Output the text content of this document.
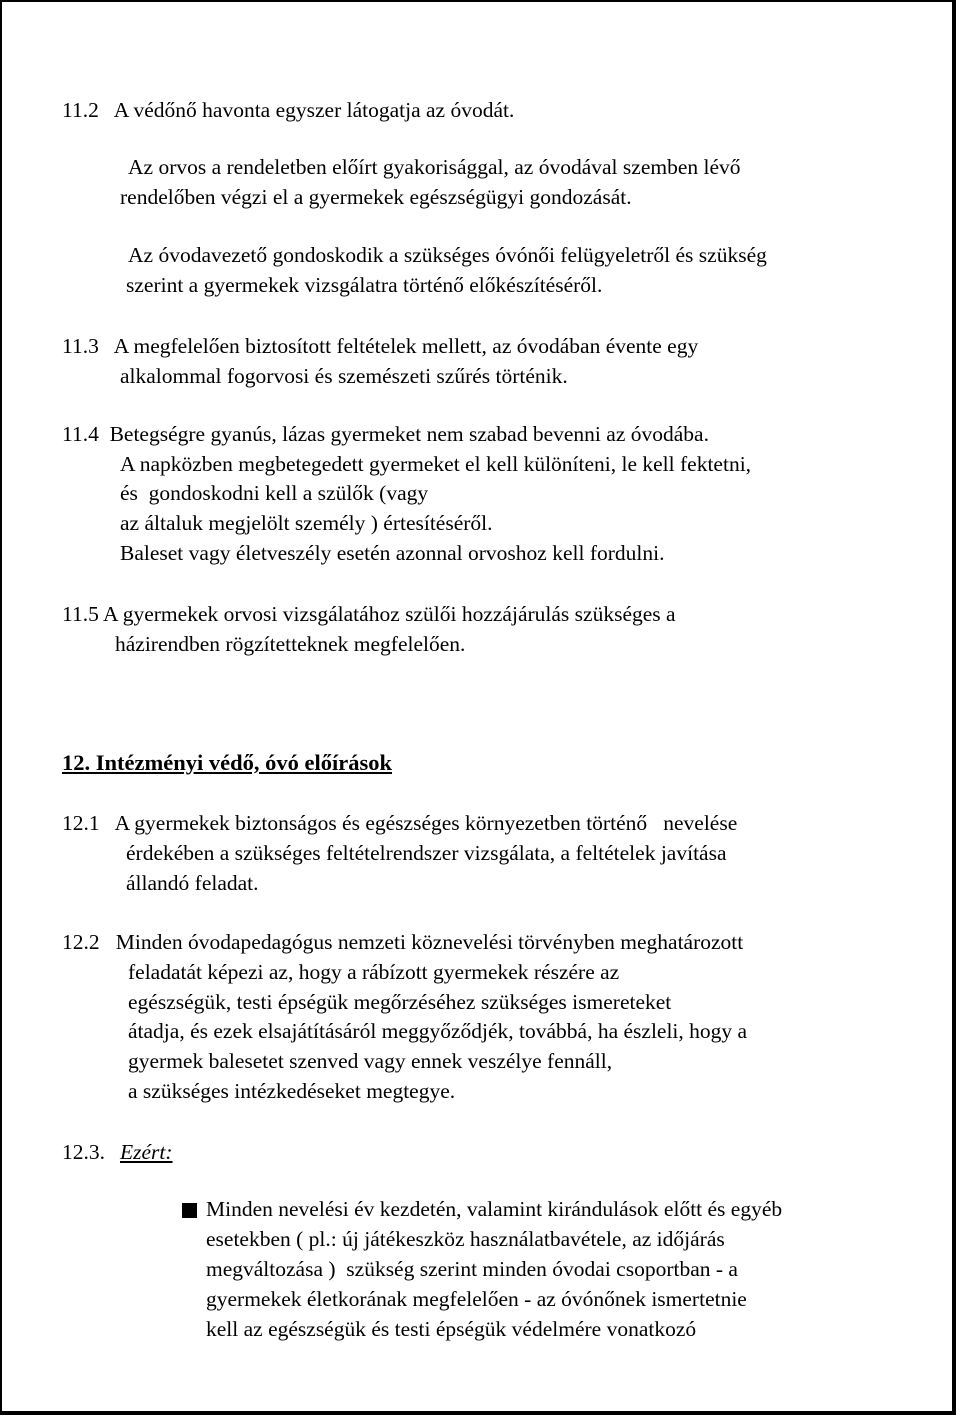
11.2   A védőnő havonta egyszer látogatja az óvodát.
Az orvos a rendeletben előírt gyakorisággal, az óvodával szemben lévő
rendelőben végzi el a gyermekek egészségügyi gondozását.
Az óvodavezető gondoskodik a szükséges óvónői felügyeletről és szükség
szerint a gyermekek vizsgálatra történő előkészítéséről.
11.3   A megfelelően biztosított feltételek mellett, az óvodában évente egy
alkalommal fogorvosi és szemészeti szűrés történik.
11.4  Betegségre gyanús, lázas gyermeket nem szabad bevenni az óvodába.
A napközben megbetegedett gyermeket el kell különíteni, le kell fektetni,
és  gondoskodni kell a szülők (vagy
az általuk megjelölt személy ) értesítéséről.
Baleset vagy életveszély esetén azonnal orvoshoz kell fordulni.
11.5 A gyermekek orvosi vizsgálatához szülői hozzájárulás szükséges a
házirendben rögzítetteknek megfelelően.
12. Intézményi védő, óvó előírások
12.1   A gyermekek biztonságos és egészséges környezetben történő   nevelése
érdekében a szükséges feltételrendszer vizsgálata, a feltételek javítása
állandó feladat.
12.2   Minden óvodapedagógus nemzeti köznevelési törvényben meghatározott
feladatát képezi az, hogy a rábízott gyermekek részére az
egészségük, testi épségük megőrzéséhez szükséges ismereteket
átadja, és ezek elsajátításáról meggyőződjék, továbbá, ha észleli, hogy a
gyermek balesetet szenved vagy ennek veszélye fennáll,
a szükséges intézkedéseket megtegye.
12.3. Ezért:
Minden nevelési év kezdetén, valamint kirándulások előtt és egyéb
esetekben ( pl.: új játékeszköz használatbavétele, az időjárás
megváltozása )  szükség szerint minden óvodai csoportban - a
gyermekek életkorának megfelelően - az óvónőnek ismertetnie
kell az egészségük és testi épségük védelmére vonatkozó
